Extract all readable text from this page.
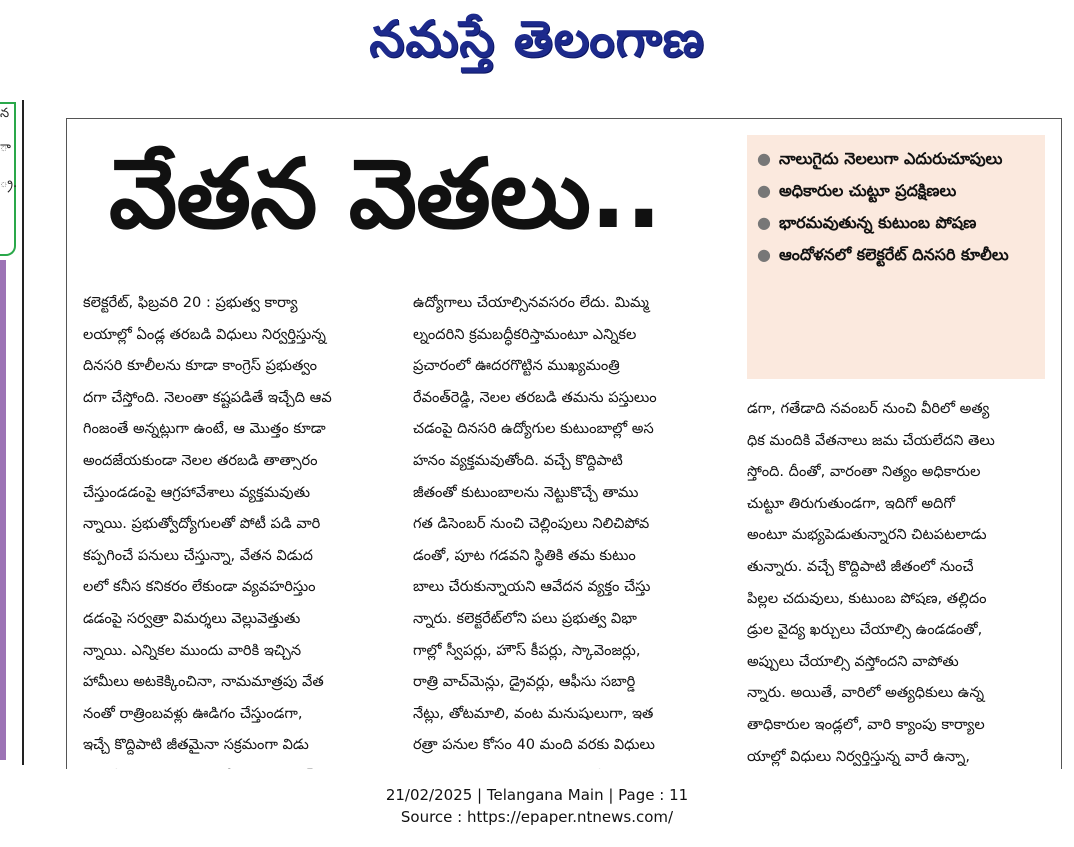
నమస్తే తెలంగాణ
న
ా
్ర. వేతన వెతలు..	● నాలుగైదు నెలలుగా ఎదురుచూపులు
● అధికారుల చుట్టూ ప్రదక్షిణలు
● భారమవుతున్న కుటుంబ పోషణ
● ఆందోళనలో కలెక్టరేట్ దినసరి కూలీలు
కలెక్టరేట్, ఫిబ్రవరి 20 : ప్రభుత్వ కార్యా
లయాల్లో ఏండ్ల తరబడి విధులు నిర్వర్తిస్తున్న
దినసరి కూలీలను కూడా కాంగ్రెస్ ప్రభుత్వం
దగా చేస్తోంది. నెలంతా కష్టపడితే ఇచ్చేది ఆవ
గింజంతే అన్నట్లుగా ఉంటే, ఆ మొత్తం కూడా
అందజేయకుండా నెలల తరబడి తాత్సారం
చేస్తుండడంపై ఆగ్రహావేశాలు వ్యక్తమవుతు
న్నాయి. ప్రభుత్వోద్యోగులతో పోటీ పడి వారి
కప్పగించే పనులు చేస్తున్నా, వేతన విడుద
లలో కనీస కనికరం లేకుండా వ్యవహరిస్తుం
డడంపై సర్వత్రా విమర్శలు వెల్లువెత్తుతు
న్నాయి. ఎన్నికల ముందు వారికి ఇచ్చిన
హామీలు అటకెక్కించినా, నామమాత్రపు వేత
నంతో రాత్రింబవళ్లు ఊడిగం చేస్తుండగా,
ఇచ్చే కొద్దిపాటి జీతమైనా సక్రమంగా విడు
ఉద్యోగాలు చేయాల్సినవసరం లేదు. మిమ్మ
ల్నందరిని క్రమబద్ధీకరిస్తామంటూ ఎన్నికల
ప్రచారంలో ఊదరగొట్టిన ముఖ్యమంత్రి
రేవంత్‌రెడ్డి, నెలల తరబడి తమను పస్తులుం
చడంపై దినసరి ఉద్యోగుల కుటుంబాల్లో అస
హనం వ్యక్తమవుతోంది. వచ్చే కొద్దిపాటి
జీతంతో కుటుంబాలను నెట్టుకొచ్చే తాము
గత డిసెంబర్ నుంచి చెల్లింపులు నిలిచిపోవ
డంతో, పూట గడవని స్థితికి తమ కుటుం
బాలు చేరుకున్నాయని ఆవేదన వ్యక్తం చేస్తు
న్నారు. కలెక్టరేట్‌లోని పలు ప్రభుత్వ విభా
గాల్లో స్వీపర్లు, హౌస్ కీపర్లు, స్కావెంజర్లు,
రాత్రి వాచ్‌మెన్లు, డ్రైవర్లు, ఆఫీసు సబార్డి
నేట్లు, తోటమాలి, వంట మనుషులుగా, ఇత
రత్రా పనుల కోసం 40 మంది వరకు విధులు
డగా, గతేడాది నవంబర్ నుంచి వీరిలో అత్య
ధిక మందికి వేతనాలు జమ చేయలేదని తెలు
స్తోంది. దీంతో, వారంతా నిత్యం అధికారుల
చుట్టూ తిరుగుతుండగా, ఇదిగో అదిగో
అంటూ మభ్యపెడుతున్నారని చిటపటలాడు
తున్నారు. వచ్చే కొద్దిపాటి జీతంలో నుంచే
పిల్లల చదువులు, కుటుంబ పోషణ, తల్లిదం
డ్రుల వైద్య ఖర్చులు చేయాల్సి ఉండడంతో,
అప్పులు చేయాల్సి వస్తోందని వాపోతు
న్నారు. అయితే, వారిలో అత్యధికులు ఉన్న
తాధికారుల ఇండ్లలో, వారి క్యాంపు కార్యాల
యాల్లో విధులు నిర్వర్తిస్తున్న వారే ఉన్నా,
21/02/2025 | Telangana Main | Page : 11
Source : https://epaper.ntnews.com/
